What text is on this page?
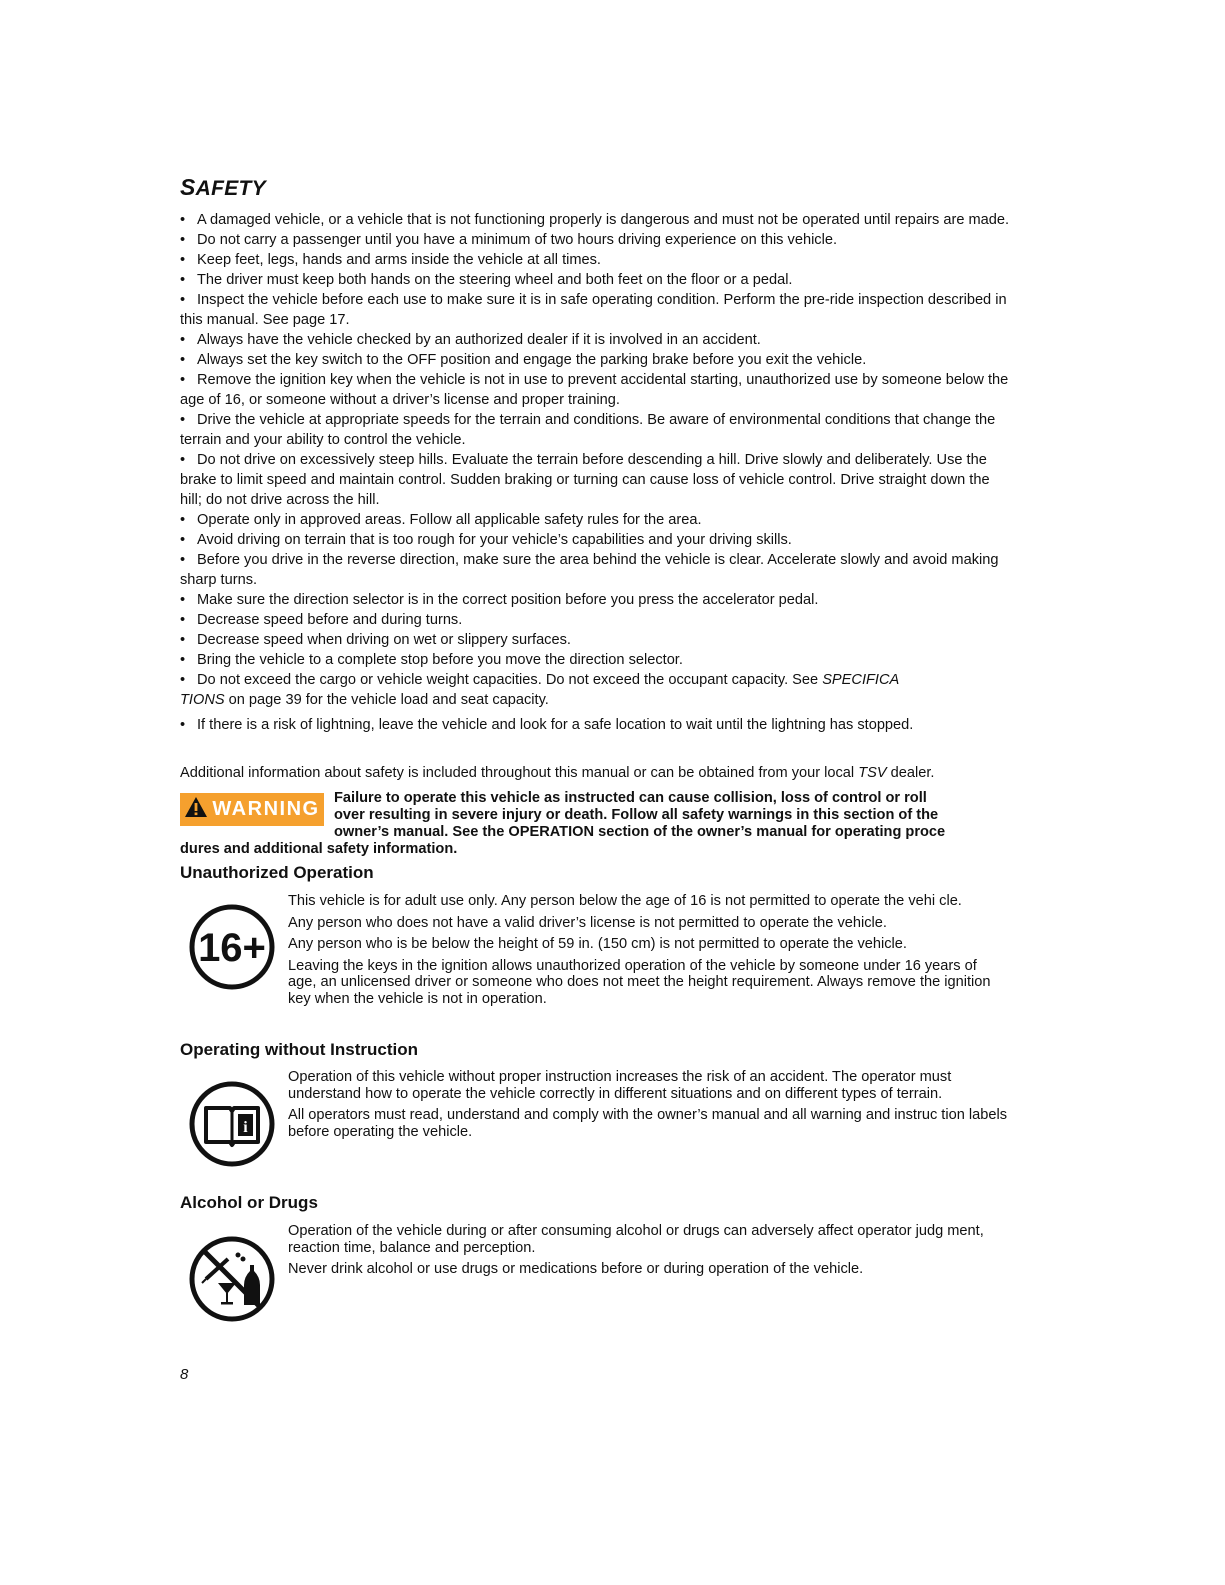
SAFETY

• A damaged vehicle, or a vehicle that is not functioning properly is dangerous and must not be operated until repairs are made.

• Do not carry a passenger until you have a minimum of two hours driving experience on this vehicle.

• Keep feet, legs, hands and arms inside the vehicle at all times.

• The driver must keep both hands on the steering wheel and both feet on the floor or a pedal.

• Inspect the vehicle before each use to make sure it is in safe operating condition. Perform the pre-ride inspection described in this manual. See page 17.

• Always have the vehicle checked by an authorized dealer if it is involved in an accident.

• Always set the key switch to the OFF position and engage the parking brake before you exit the vehicle.

• Remove the ignition key when the vehicle is not in use to prevent accidental starting, unauthorized use by someone below the age of 16, or someone without a driver’s license and proper training.

• Drive the vehicle at appropriate speeds for the terrain and conditions. Be aware of environmental conditions that change the terrain and your ability to control the vehicle.

• Do not drive on excessively steep hills. Evaluate the terrain before descending a hill. Drive slowly and deliberately. Use the brake to limit speed and maintain control. Sudden braking or turning can cause loss of vehicle control. Drive straight down the hill; do not drive across the hill.

• Operate only in approved areas. Follow all applicable safety rules for the area.

• Avoid driving on terrain that is too rough for your vehicle’s capabilities and your driving skills.

• Before you drive in the reverse direction, make sure the area behind the vehicle is clear. Accelerate slowly and avoid making sharp turns.

• Make sure the direction selector is in the correct position before you press the accelerator pedal.

• Decrease speed before and during turns.

• Decrease speed when driving on wet or slippery surfaces.

• Bring the vehicle to a complete stop before you move the direction selector.

• Do not exceed the cargo or vehicle weight capacities. Do not exceed the occupant capacity. See SPECIFICA
TIONS on page 39 for the vehicle load and seat capacity.

• If there is a risk of lightning, leave the vehicle and look for a safe location to wait until the lightning has stopped.

Additional information about safety is included throughout this manual or can be obtained from your local TSV dealer.
Failure to operate this vehicle as instructed can cause collision, loss of control or roll
over resulting in severe injury or death. Follow all safety warnings in this section of the
owner’s manual. See the OPERATION section of the owner’s manual for operating proce
dures and additional safety information.
WARNING
Unauthorized Operation
16+

This vehicle is for adult use only. Any person below the age of 16 is not permitted to operate the vehi cle.

Any person who does not have a valid driver’s license is not permitted to operate the vehicle.

Any person who is be below the height of 59 in. (150 cm) is not permitted to operate the vehicle.

Leaving the keys in the ignition allows unauthorized operation of the vehicle by someone under 16 years of age, an unlicensed driver or someone who does not meet the height requirement. Always remove the ignition key when the vehicle is not in operation.

Operating without Instruction
i

Operation of this vehicle without proper instruction increases the risk of an accident. The operator must understand how to operate the vehicle correctly in different situations and on different types of terrain.

All operators must read, understand and comply with the owner’s manual and all warning and instruc tion labels before operating the vehicle.

Alcohol or Drugs

Operation of the vehicle during or after consuming alcohol or drugs can adversely affect operator judg ment, reaction time, balance and perception.

Never drink alcohol or use drugs or medications before or during operation of the vehicle.

8
